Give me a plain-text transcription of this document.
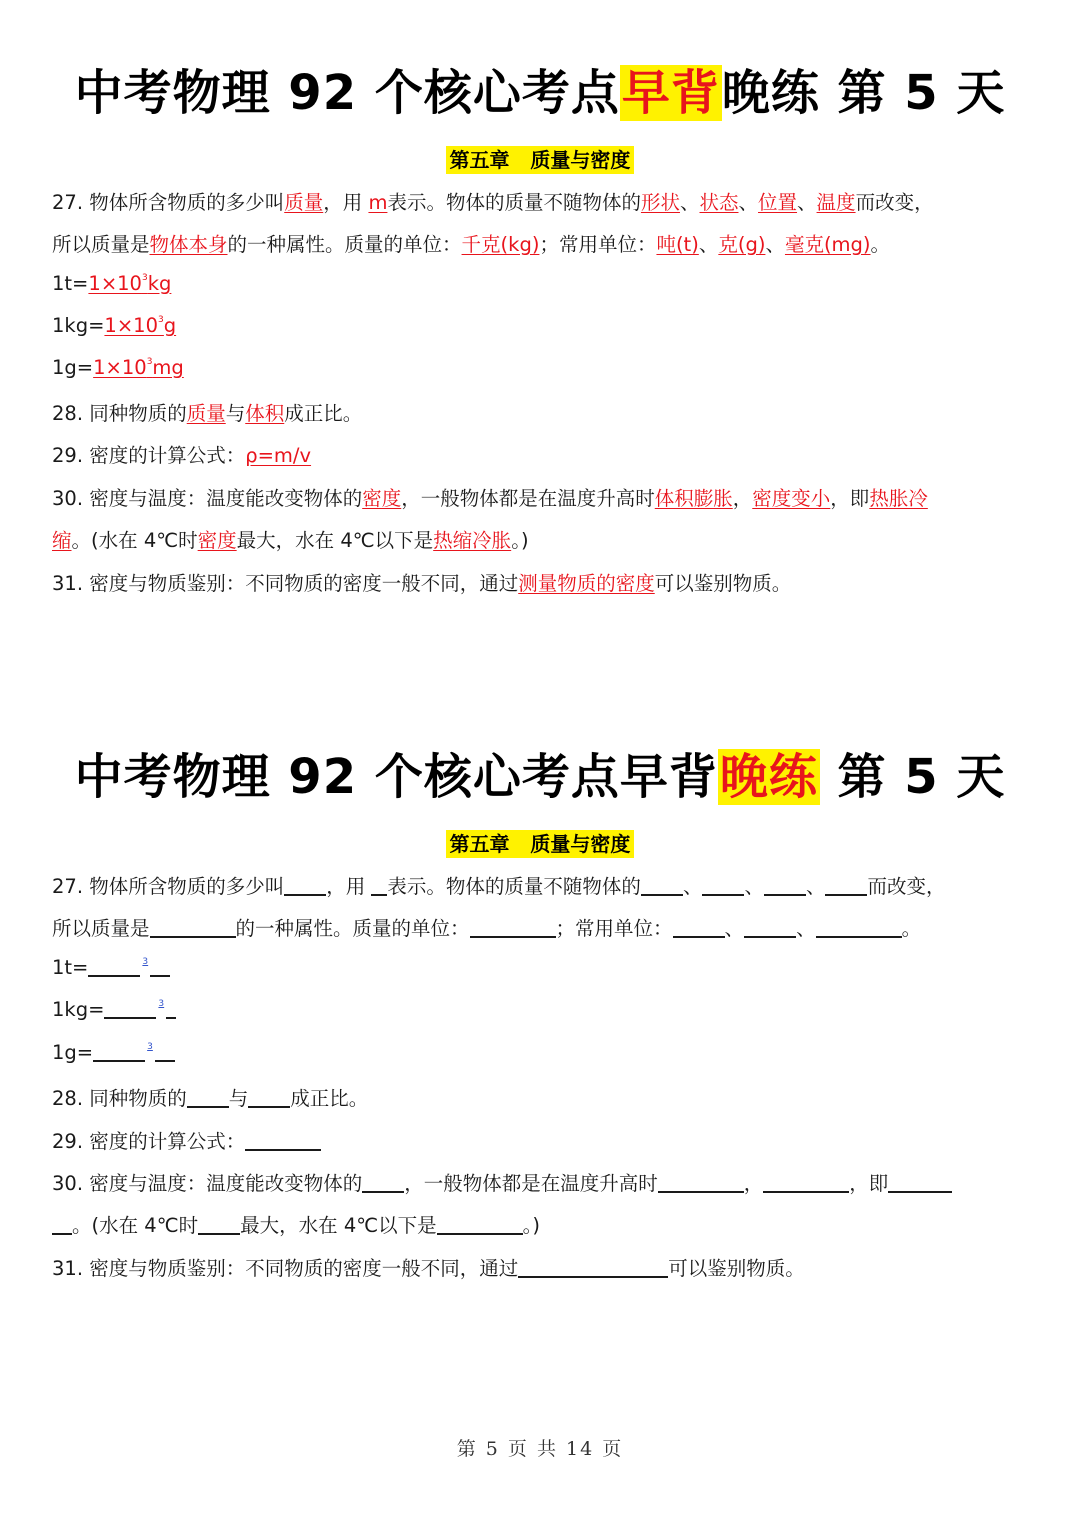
中考物理 92 个核心考点早背晚练 第 5 天
第五章   质量与密度
27. 物体所含物质的多少叫质量，用 m表示。物体的质量不随物体的形状、状态、位置、温度而改变，
所以质量是物体本身的一种属性。质量的单位：千克(kg)；常用单位：吨(t)、克(g)、毫克(mg)。
$1t=1\times 10^3kg$
$1kg=1\times 10^3g$
$1g=1\times 10^3mg$
28. 同种物质的质量与体积成正比。
29. 密度的计算公式：ρ=m/v
30. 密度与温度：温度能改变物体的密度，一般物体都是在温度升高时体积膨胀，密度变小，即热胀冷
缩。(水在 4℃时密度最大，水在 4℃以下是热缩冷胀。)
31. 密度与物质鉴别：不同物质的密度一般不同，通过测量物质的密度可以鉴别物质。
中考物理 92 个核心考点早背晚练 第 5 天
第五章   质量与密度
27. 物体所含物质的多少叫 ，用 表示。物体的质量不随物体的 、 、 、 而改变，
所以质量是	的一种属性。质量的单位：	；常用单位：	、	、	。
1t=	$^3$
1kg=	$^3$
1g=	$^3$
28. 同种物质的 与 成正比。
29. 密度的计算公式：
30. 密度与温度：温度能改变物体的 ，一般物体都是在温度升高时	，	，即
。(水在 4℃时 最大，水在 4℃以下是	。)
31. 密度与物质鉴别：不同物质的密度一般不同，通过	可以鉴别物质。
第 5 页 共 14 页
